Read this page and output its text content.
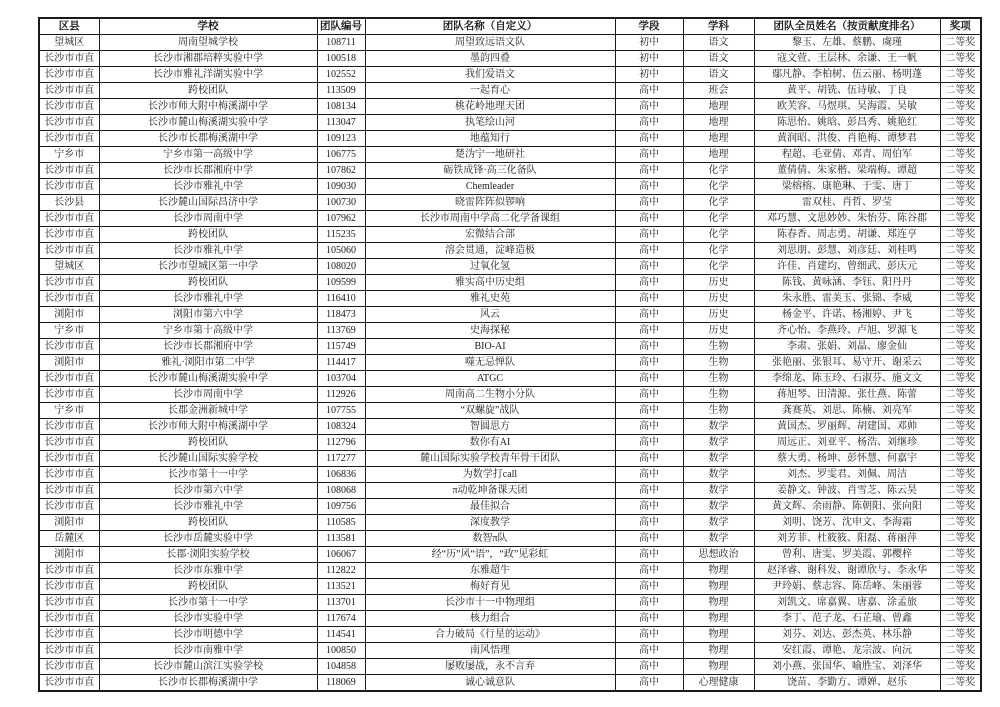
区县	学校	团队编号	团队名称（自定义）	学段	学科	团队全员姓名（按贡献度排名）	奖项
望城区	周南望城学校	108711	周望致远语文队	初中	语文	黎玉、左雄、蔡鹏、虞瑾	二等奖
长沙市市直	长沙市湘郡培粹实验中学	100518	墨韵四叠	初中	语文	寇文萱、王层林、余谦、王一帆	二等奖
长沙市市直	长沙市雅礼洋湖实验中学	102552	我们爱语文	初中	语文	鄢凡静、李柏树、伍云丽、杨明蓬	二等奖
长沙市市直	跨校团队	113509	一起育心	高中	班会	黄平、胡铣、伍诗敏、丁良	二等奖
长沙市市直	长沙市师大附中梅溪湖中学	108134	桃花岭地理天团	高中	地理	欧芙容、马煜琪、吴海霞、吴敏	二等奖
长沙市市直	长沙市麓山梅溪湖实验中学	113047	执笔绘山河	高中	地理	陈思怡、姚晗、彭昌秀、姚艳红	二等奖
长沙市市直	长沙市长郡梅溪湖中学	109123	地蕴知行	高中	地理	黄润昭、洪俊、肖艳梅、谭梦君	二等奖
宁乡市	宁乡市第一高级中学	106775	楚沩宁一地研社	高中	地理	程超、毛亚倩、邓青、周伯军	二等奖
长沙市市直	长沙市长郡湘府中学	107862	砺铁成锋·高三化备队	高中	化学	董倩倩、朱家楷、梁端梅、谭超	二等奖
长沙市市直	长沙市雅礼中学	109030	Chemleader	高中	化学	梁榕榕、康艳琳、于雯、唐丁	二等奖
长沙县	长沙麓山国际昌济中学	100730	晓雷阵阵似锣响	高中	化学	雷双桂、肖哲、罗莹	二等奖
长沙市市直	长沙市周南中学	107962	长沙市周南中学高二化学备课组	高中	化学	邓巧慧、文思妙妙、朱怡芬、陈谷郡	二等奖
长沙市市直	跨校团队	115235	宏微结合部	高中	化学	陈春香、周志勇、胡谦、郑连亨	二等奖
长沙市市直	长沙市雅礼中学	105060	溶会贯通，淀峰造极	高中	化学	刘思朋、彭慧、刘彦廷、刘桂鸣	二等奖
望城区	长沙市望城区第一中学	108020	过氧化氢	高中	化学	许佳、肖建均、曾细武、彭庆元	二等奖
长沙市市直	跨校团队	109599	雅实高中历史组	高中	历史	陈钱、黄咏涵、李钰、阳丹丹	二等奖
长沙市市直	长沙市雅礼中学	116410	雅礼史苑	高中	历史	朱永胜、雷美玉、张锦、李威	二等奖
浏阳市	浏阳市第六中学	118473	风云	高中	历史	杨金平、许诺、杨湘婷、尹飞	二等奖
宁乡市	宁乡市第十高级中学	113769	史海探秘	高中	历史	齐心怡、李燕玲、卢旭、罗源飞	二等奖
长沙市市直	长沙市长郡湘府中学	115749	BIO-AI	高中	生物	李肃、张娟、刘晶、廖金仙	二等奖
浏阳市	雅礼·浏阳市第二中学	114417	噬无忌惮队	高中	生物	张艳丽、张银耳、易守开、谢采云	二等奖
长沙市市直	长沙市麓山梅溪湖实验中学	103704	ATGC	高中	生物	李绵龙、陈玉玲、石淑芬、施文文	二等奖
长沙市市直	长沙市周南中学	112926	周南高二生物小分队	高中	生物	蒋旭琴、田清源、张仕燕、陈蕾	二等奖
宁乡市	长郡金洲新城中学	107755	“双螺旋”战队	高中	生物	龚赛英、刘思、陈楠、刘亮军	二等奖
长沙市市直	长沙市师大附中梅溪湖中学	108324	智圆思方	高中	数学	黄国杰、罗丽辉、胡建国、邓帅	二等奖
长沙市市直	跨校团队	112796	数你有AI	高中	数学	周远正、刘亚平、杨浩、刘继珍	二等奖
长沙市市直	长沙麓山国际实验学校	117277	麓山国际实验学校青年骨干团队	高中	数学	蔡大勇、杨坤、彭怀慧、何嘉宇	二等奖
长沙市市直	长沙市第十一中学	106836	为数学打call	高中	数学	刘杰、罗雯君、刘佩、周洁	二等奖
长沙市市直	长沙市第六中学	108068	π动乾坤备课天团	高中	数学	姜静文、钟波、肖雪芝、陈云昊	二等奖
长沙市市直	长沙市雅礼中学	109756	最佳拟合	高中	数学	黄文辉、余雨静、陈朝阳、张向阳	二等奖
浏阳市	跨校团队	110585	深度教学	高中	数学	刘明、饶芳、沈申文、李海霜	二等奖
岳麓区	长沙市岳麓实验中学	113581	数智π队	高中	数学	刘芳菲、杜筱筱、阳磊、蒋丽萍	二等奖
浏阳市	长郡·浏阳实验学校	106067	经“历”风“语”，“政”见彩虹	高中	思想政治	曾利、唐雯、罗美霞、郭樱梓	二等奖
长沙市市直	长沙市东雅中学	112822	东雅超牛	高中	物理	赵泽睿、谢科发、谢谭欣与、李永华	二等奖
长沙市市直	跨校团队	113521	梅好育见	高中	物理	尹玲娟、蔡志容、陈岳峰、朱丽蓉	二等奖
长沙市市直	长沙市第十一中学	113701	长沙市十一中物理组	高中	物理	刘凯文、席嘉翼、唐嘉、涂孟旅	二等奖
长沙市市直	长沙市实验中学	117674	核力组合	高中	物理	李丁、范子龙、石芷瑜、曾鑫	二等奖
长沙市市直	长沙市明德中学	114541	合力破局《行星的运动》	高中	物理	刘芬、刘达、彭杰英、林乐静	二等奖
长沙市市直	长沙市南雅中学	100850	南风悟理	高中	物理	安红霞、谭艳、龙宗波、向沅	二等奖
长沙市市直	长沙市麓山滨江实验学校	104858	屡败屡战，永不言弃	高中	物理	刘小燕、张国华、喻胜宝、刘泽华	二等奖
长沙市市直	长沙市长郡梅溪湖中学	118069	诚心诚意队	高中	心理健康	饶苗、李勤方、谭婵、赵乐	二等奖
